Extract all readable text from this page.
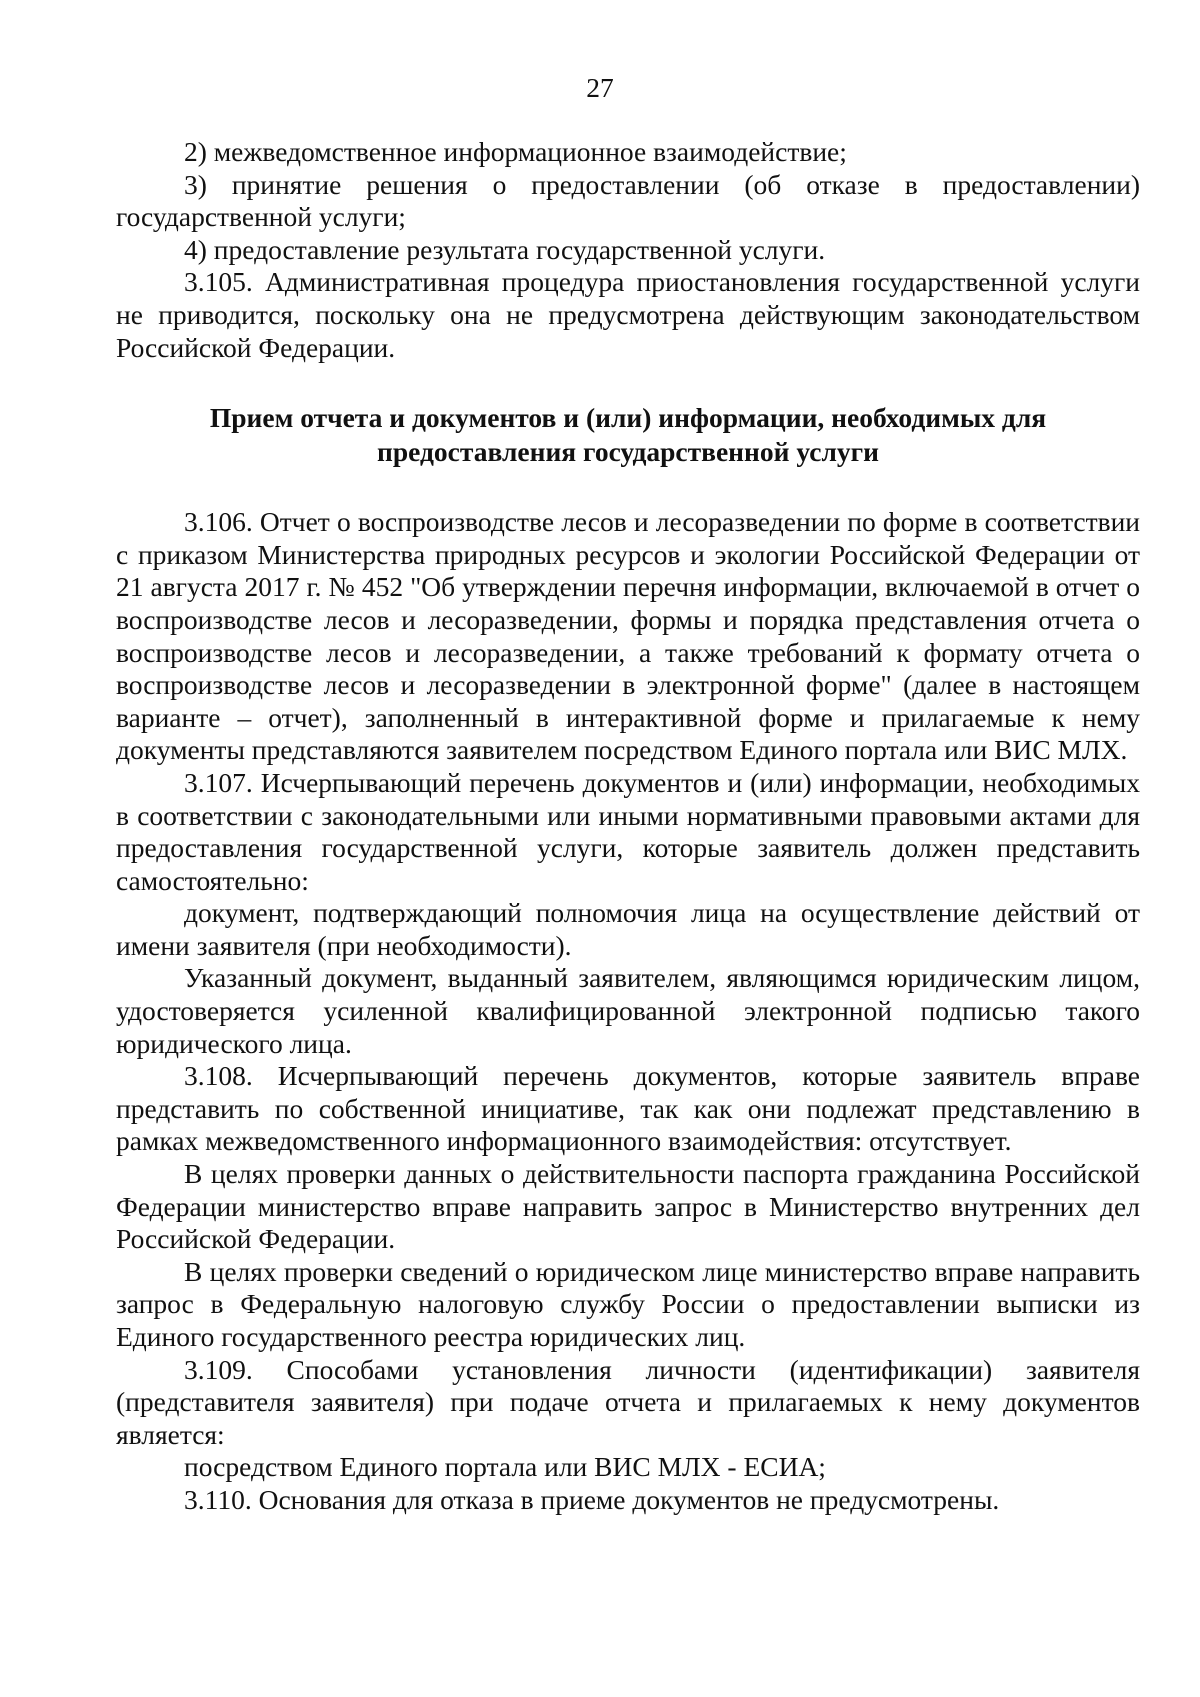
27

2) межведомственное информационное взаимодействие;

3) принятие решения о предоставлении (об отказе в предоставлении) государственной услуги;

4) предоставление результата государственной услуги.

3.105. Административная процедура приостановления государственной услуги не приводится, поскольку она не предусмотрена действующим законодательством Российской Федерации.

Прием отчета и документов и (или) информации, необходимых для
предоставления государственной услуги

3.106. Отчет о воспроизводстве лесов и лесоразведении по форме в соответствии с приказом Министерства природных ресурсов и экологии Российской Федерации от 21 августа 2017 г. № 452 "Об утверждении перечня информации, включаемой в отчет о воспроизводстве лесов и лесоразведении, формы и порядка представления отчета о воспроизводстве лесов и лесоразведении, а также требований к формату отчета о воспроизводстве лесов и лесоразведении в электронной форме" (далее в настоящем варианте – отчет), заполненный в интерактивной форме и прилагаемые к нему документы представляются заявителем посредством Единого портала или ВИС МЛХ.

3.107. Исчерпывающий перечень документов и (или) информации, необходимых в соответствии с законодательными или иными нормативными правовыми актами для предоставления государственной услуги, которые заявитель должен представить самостоятельно:

документ, подтверждающий полномочия лица на осуществление действий от имени заявителя (при необходимости).

Указанный документ, выданный заявителем, являющимся юридическим лицом, удостоверяется усиленной квалифицированной электронной подписью такого юридического лица.

3.108. Исчерпывающий перечень документов, которые заявитель вправе представить по собственной инициативе, так как они подлежат представлению в рамках межведомственного информационного взаимодействия: отсутствует.

В целях проверки данных о действительности паспорта гражданина Российской Федерации министерство вправе направить запрос в Министерство внутренних дел Российской Федерации.

В целях проверки сведений о юридическом лице министерство вправе направить запрос в Федеральную налоговую службу России о предоставлении выписки из Единого государственного реестра юридических лиц.

3.109. Способами установления личности (идентификации) заявителя (представителя заявителя) при подаче отчета и прилагаемых к нему документов является:

посредством Единого портала или ВИС МЛХ - ЕСИА;

3.110. Основания для отказа в приеме документов не предусмотрены.
